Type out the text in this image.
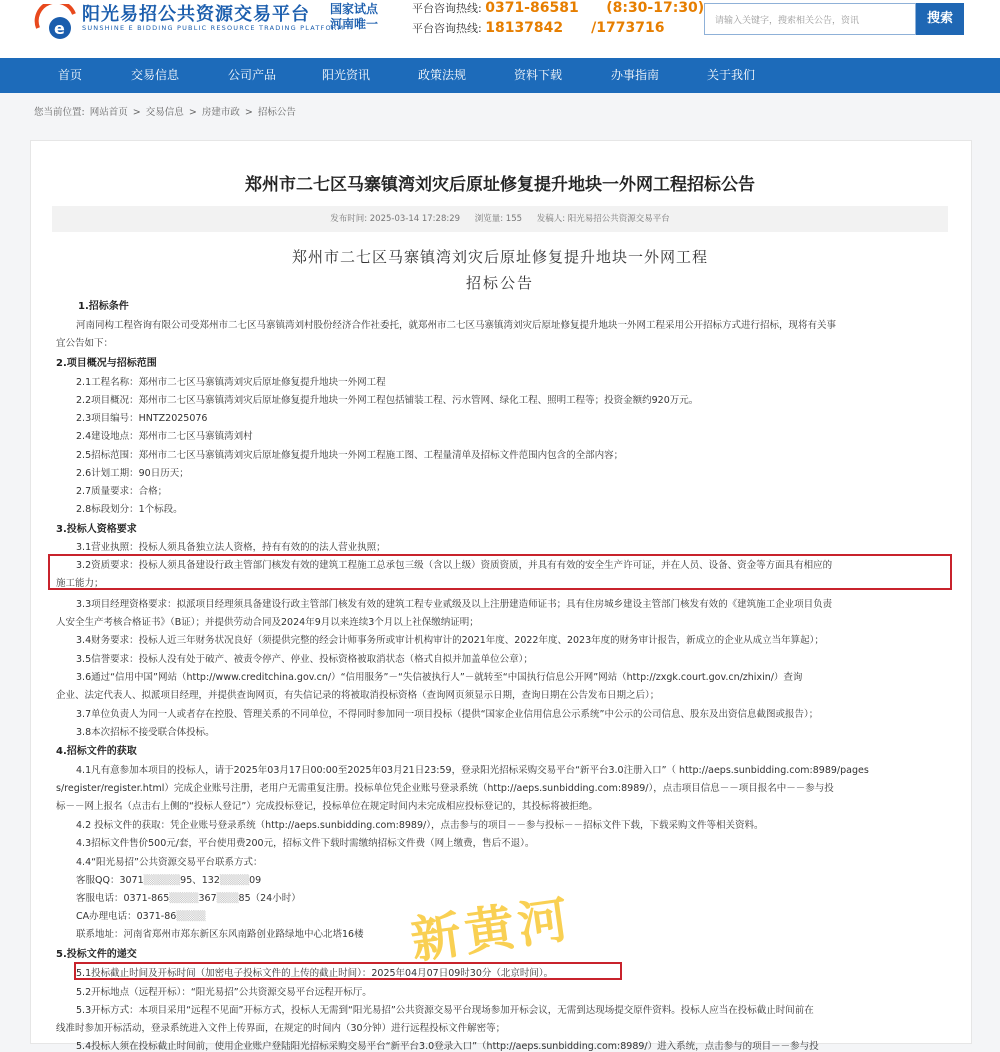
e
阳光易招公共资源交易平台
SUNSHINE E BIDDING PUBLIC RESOURCE TRADING PLATFORM
国家试点
河南唯一
平台咨询热线: 0371-86581 (8:30-17:30)
平台咨询热线: 18137842 /1773716	请输入关键字，搜索相关公告，资讯	搜索
首页	交易信息	公司产品	阳光资讯	政策法规	资料下载	办事指南	关于我们
您当前位置: 网站首页 > 交易信息 > 房建市政 > 招标公告
郑州市二七区马寨镇湾刘灾后原址修复提升地块一外网工程招标公告
发布时间: 2025-03-14 17:28:29 浏览量: 155 发稿人: 阳光易招公共资源交易平台
郑州市二七区马寨镇湾刘灾后原址修复提升地块一外网工程
招标公告
1.招标条件
河南同构工程咨询有限公司受郑州市二七区马寨镇湾刘村股份经济合作社委托，就郑州市二七区马寨镇湾刘灾后原址修复提升地块一外网工程采用公开招标方式进行招标，现将有关事
宜公告如下：
2.项目概况与招标范围
2.1工程名称：郑州市二七区马寨镇湾刘灾后原址修复提升地块一外网工程
2.2项目概况：郑州市二七区马寨镇湾刘灾后原址修复提升地块一外网工程包括铺装工程、污水管网、绿化工程、照明工程等；投资金额约920万元。
2.3项目编号：HNTZ2025076
2.4建设地点：郑州市二七区马寨镇湾刘村
2.5招标范围：郑州市二七区马寨镇湾刘灾后原址修复提升地块一外网工程施工图、工程量清单及招标文件范围内包含的全部内容；
2.6计划工期：90日历天；
2.7质量要求：合格；
2.8标段划分：1个标段。
3.投标人资格要求
3.1营业执照：投标人须具备独立法人资格，持有有效的的法人营业执照；
3.2资质要求：投标人须具备建设行政主管部门核发有效的建筑工程施工总承包三级（含以上级）资质资质，并具有有效的安全生产许可证，并在人员、设备、资金等方面具有相应的
施工能力；
3.3项目经理资格要求：拟派项目经理须具备建设行政主管部门核发有效的建筑工程专业贰级及以上注册建造师证书；具有住房城乡建设主管部门核发有效的《建筑施工企业项目负责
人安全生产考核合格证书》（B证）；并提供劳动合同及2024年9月以来连续3个月以上社保缴纳证明；
3.4财务要求：投标人近三年财务状况良好（须提供完整的经会计师事务所或审计机构审计的2021年度、2022年度、2023年度的财务审计报告，新成立的企业从成立当年算起）；
3.5信誉要求：投标人没有处于破产、被责令停产、停业、投标资格被取消状态（格式自拟并加盖单位公章）；
3.6通过“信用中国”网站（http://www.creditchina.gov.cn/）“信用服务”－“失信被执行人”－就转至“中国执行信息公开网”网站（http://zxgk.court.gov.cn/zhixin/）查询
企业、法定代表人、拟派项目经理，并提供查询网页，有失信记录的将被取消投标资格（查询网页须显示日期，查询日期在公告发布日期之后）；
3.7单位负责人为同一人或者存在控股、管理关系的不同单位，不得同时参加同一项目投标（提供“国家企业信用信息公示系统”中公示的公司信息、股东及出资信息截图或报告）；
3.8本次招标不接受联合体投标。
4.招标文件的获取
4.1凡有意参加本项目的投标人，请于2025年03月17日00:00至2025年03月21日23:59，登录阳光招标采购交易平台“新平台3.0注册入口”（ http://aeps.sunbidding.com:8989/pages
s/register/register.html）完成企业账号注册，老用户无需重复注册。投标单位凭企业账号登录系统（http://aeps.sunbidding.com:8989/），点击项目信息－－项目报名中－－参与投
标－－网上报名（点击右上侧的“投标人登记”）完成投标登记，投标单位在规定时间内未完成相应投标登记的，其投标将被拒绝。
4.2 投标文件的获取：凭企业账号登录系统（http://aeps.sunbidding.com:8989/），点击参与的项目－－参与投标－－招标文件下载，下载采购文件等相关资料。
4.3招标文件售价500元/套，平台使用费200元，招标文件下载时需缴纳招标文件费（网上缴费，售后不退）。
4.4“阳光易招”公共资源交易平台联系方式：
客服QQ：3071▒▒▒▒▒95、132▒▒▒▒09
客服电话：0371-865▒▒▒▒367▒▒▒85（24小时）
CA办理电话：0371-86▒▒▒▒
联系地址：河南省郑州市郑东新区东风南路创业路绿地中心北塔16楼
5.投标文件的递交
5.1投标截止时间及开标时间（加密电子投标文件的上传的截止时间）：2025年04月07日09时30分（北京时间）。
5.2开标地点（远程开标）：“阳光易招”公共资源交易平台远程开标厅。
5.3开标方式：本项目采用“远程不见面”开标方式，投标人无需到“阳光易招”公共资源交易平台现场参加开标会议，无需到达现场提交原件资料。投标人应当在投标截止时间前在
线准时参加开标活动，登录系统进入文件上传界面，在规定的时间内（30分钟）进行远程投标文件解密等；
5.4投标人须在投标截止时间前，使用企业账户登陆阳光招标采购交易平台“新平台3.0登录入口”（http://aeps.sunbidding.com:8989/）进入系统，点击参与的项目－－参与投
新黄河
